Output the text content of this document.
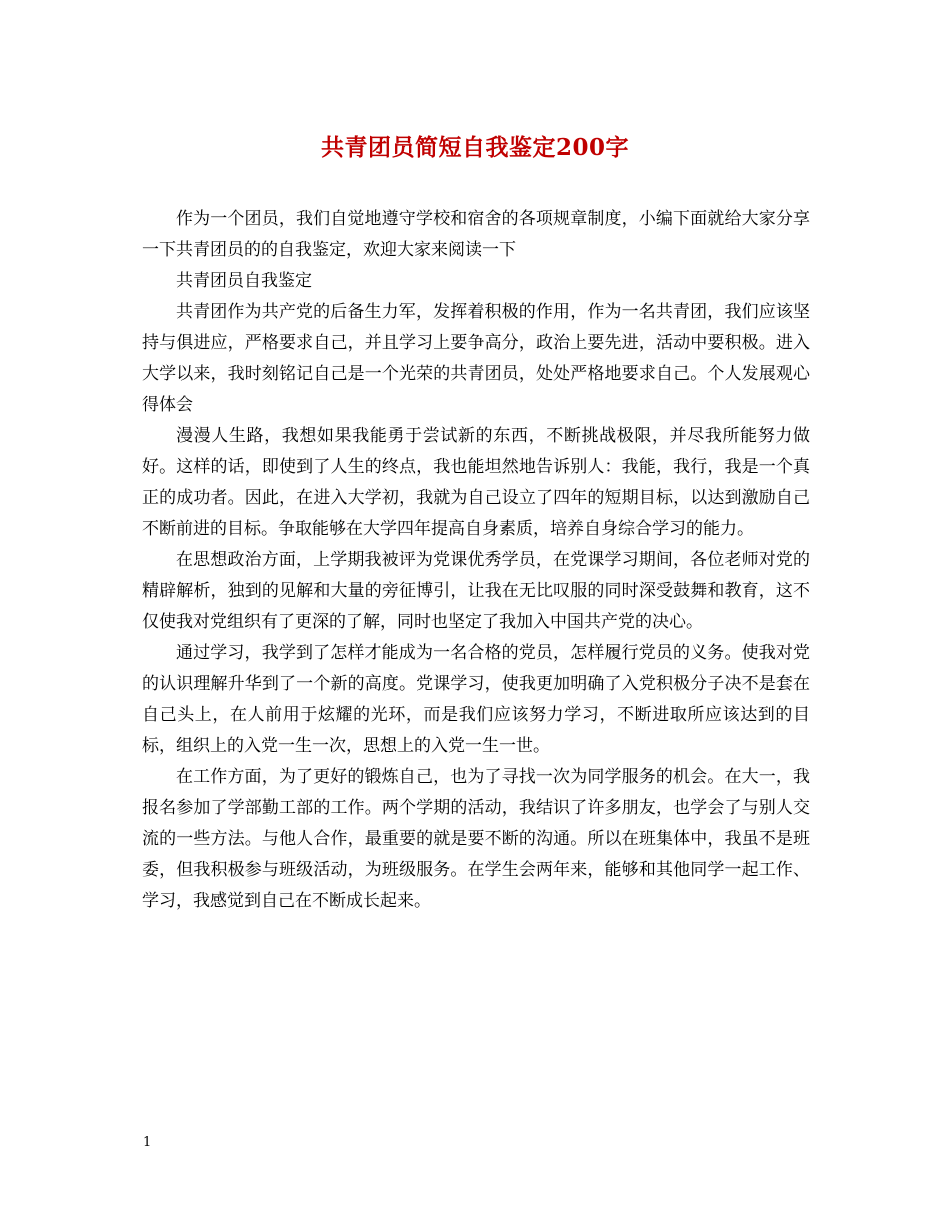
共青团员简短自我鉴定200字

作为一个团员，我们自觉地遵守学校和宿舍的各项规章制度，小编下面就给大家分享一下共青团员的的自我鉴定，欢迎大家来阅读一下

共青团员自我鉴定

共青团作为共产党的后备生力军，发挥着积极的作用，作为一名共青团，我们应该坚持与俱进应，严格要求自己，并且学习上要争高分，政治上要先进，活动中要积极。进入大学以来，我时刻铭记自己是一个光荣的共青团员，处处严格地要求自己。个人发展观心得体会

漫漫人生路，我想如果我能勇于尝试新的东西，不断挑战极限，并尽我所能努力做好。这样的话，即使到了人生的终点，我也能坦然地告诉别人：我能，我行，我是一个真正的成功者。因此，在进入大学初，我就为自己设立了四年的短期目标，以达到激励自己不断前进的目标。争取能够在大学四年提高自身素质，培养自身综合学习的能力。

在思想政治方面，上学期我被评为党课优秀学员，在党课学习期间，各位老师对党的精辟解析，独到的见解和大量的旁征博引，让我在无比叹服的同时深受鼓舞和教育，这不仅使我对党组织有了更深的了解，同时也坚定了我加入中国共产党的决心。

通过学习，我学到了怎样才能成为一名合格的党员，怎样履行党员的义务。使我对党的认识理解升华到了一个新的高度。党课学习，使我更加明确了入党积极分子决不是套在自己头上，在人前用于炫耀的光环，而是我们应该努力学习，不断进取所应该达到的目标，组织上的入党一生一次，思想上的入党一生一世。

在工作方面，为了更好的锻炼自己，也为了寻找一次为同学服务的机会。在大一，我报名参加了学部勤工部的工作。两个学期的活动，我结识了许多朋友，也学会了与别人交流的一些方法。与他人合作，最重要的就是要不断的沟通。所以在班集体中，我虽不是班委，但我积极参与班级活动，为班级服务。在学生会两年来，能够和其他同学一起工作、学习，我感觉到自己在不断成长起来。

1
